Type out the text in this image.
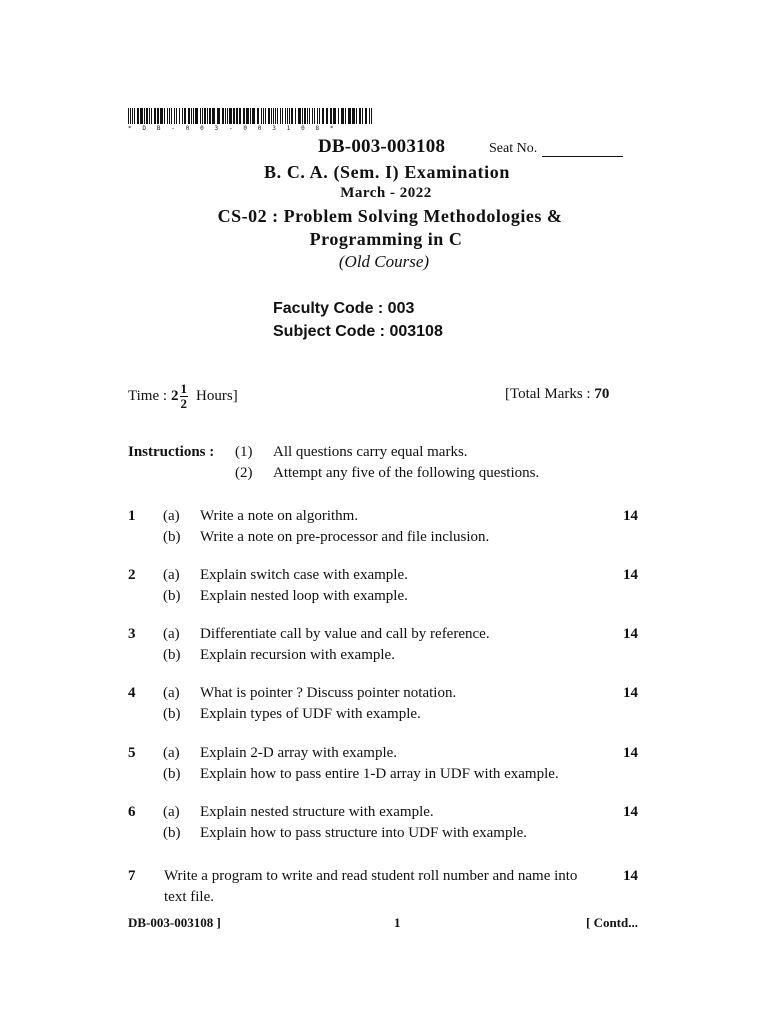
* D B - 0 0 3 - 0 0 3 1 0 8 *
DB-003-003108	Seat No.
B. C. A. (Sem. I) Examination
March - 2022
CS-02 : Problem Solving Methodologies &
Programming in C
(Old Course)
Faculty Code : 003
Subject Code : 003108
Time : $2 \frac{1}{2}$ Hours]	[Total Marks : 70
Instructions : (1) All questions carry equal marks.
(2) Attempt any five of the following questions.
1 (a) Write a note on algorithm.
(b) Write a note on pre-processor and file inclusion.
14
2 (a) Explain switch case with example.
(b) Explain nested loop with example.
14
3 (a) Differentiate call by value and call by reference.
(b) Explain recursion with example.
14
4 (a) What is pointer ? Discuss pointer notation.
(b) Explain types of UDF with example.
14
5 (a) Explain 2-D array with example.
(b) Explain how to pass entire 1-D array in UDF with example.
14
6 (a) Explain nested structure with example.
(b) Explain how to pass structure into UDF with example.
14
7 Write a program to write and read student roll number and name into text file.
14
DB-003-003108 ]	1	[ Contd...
